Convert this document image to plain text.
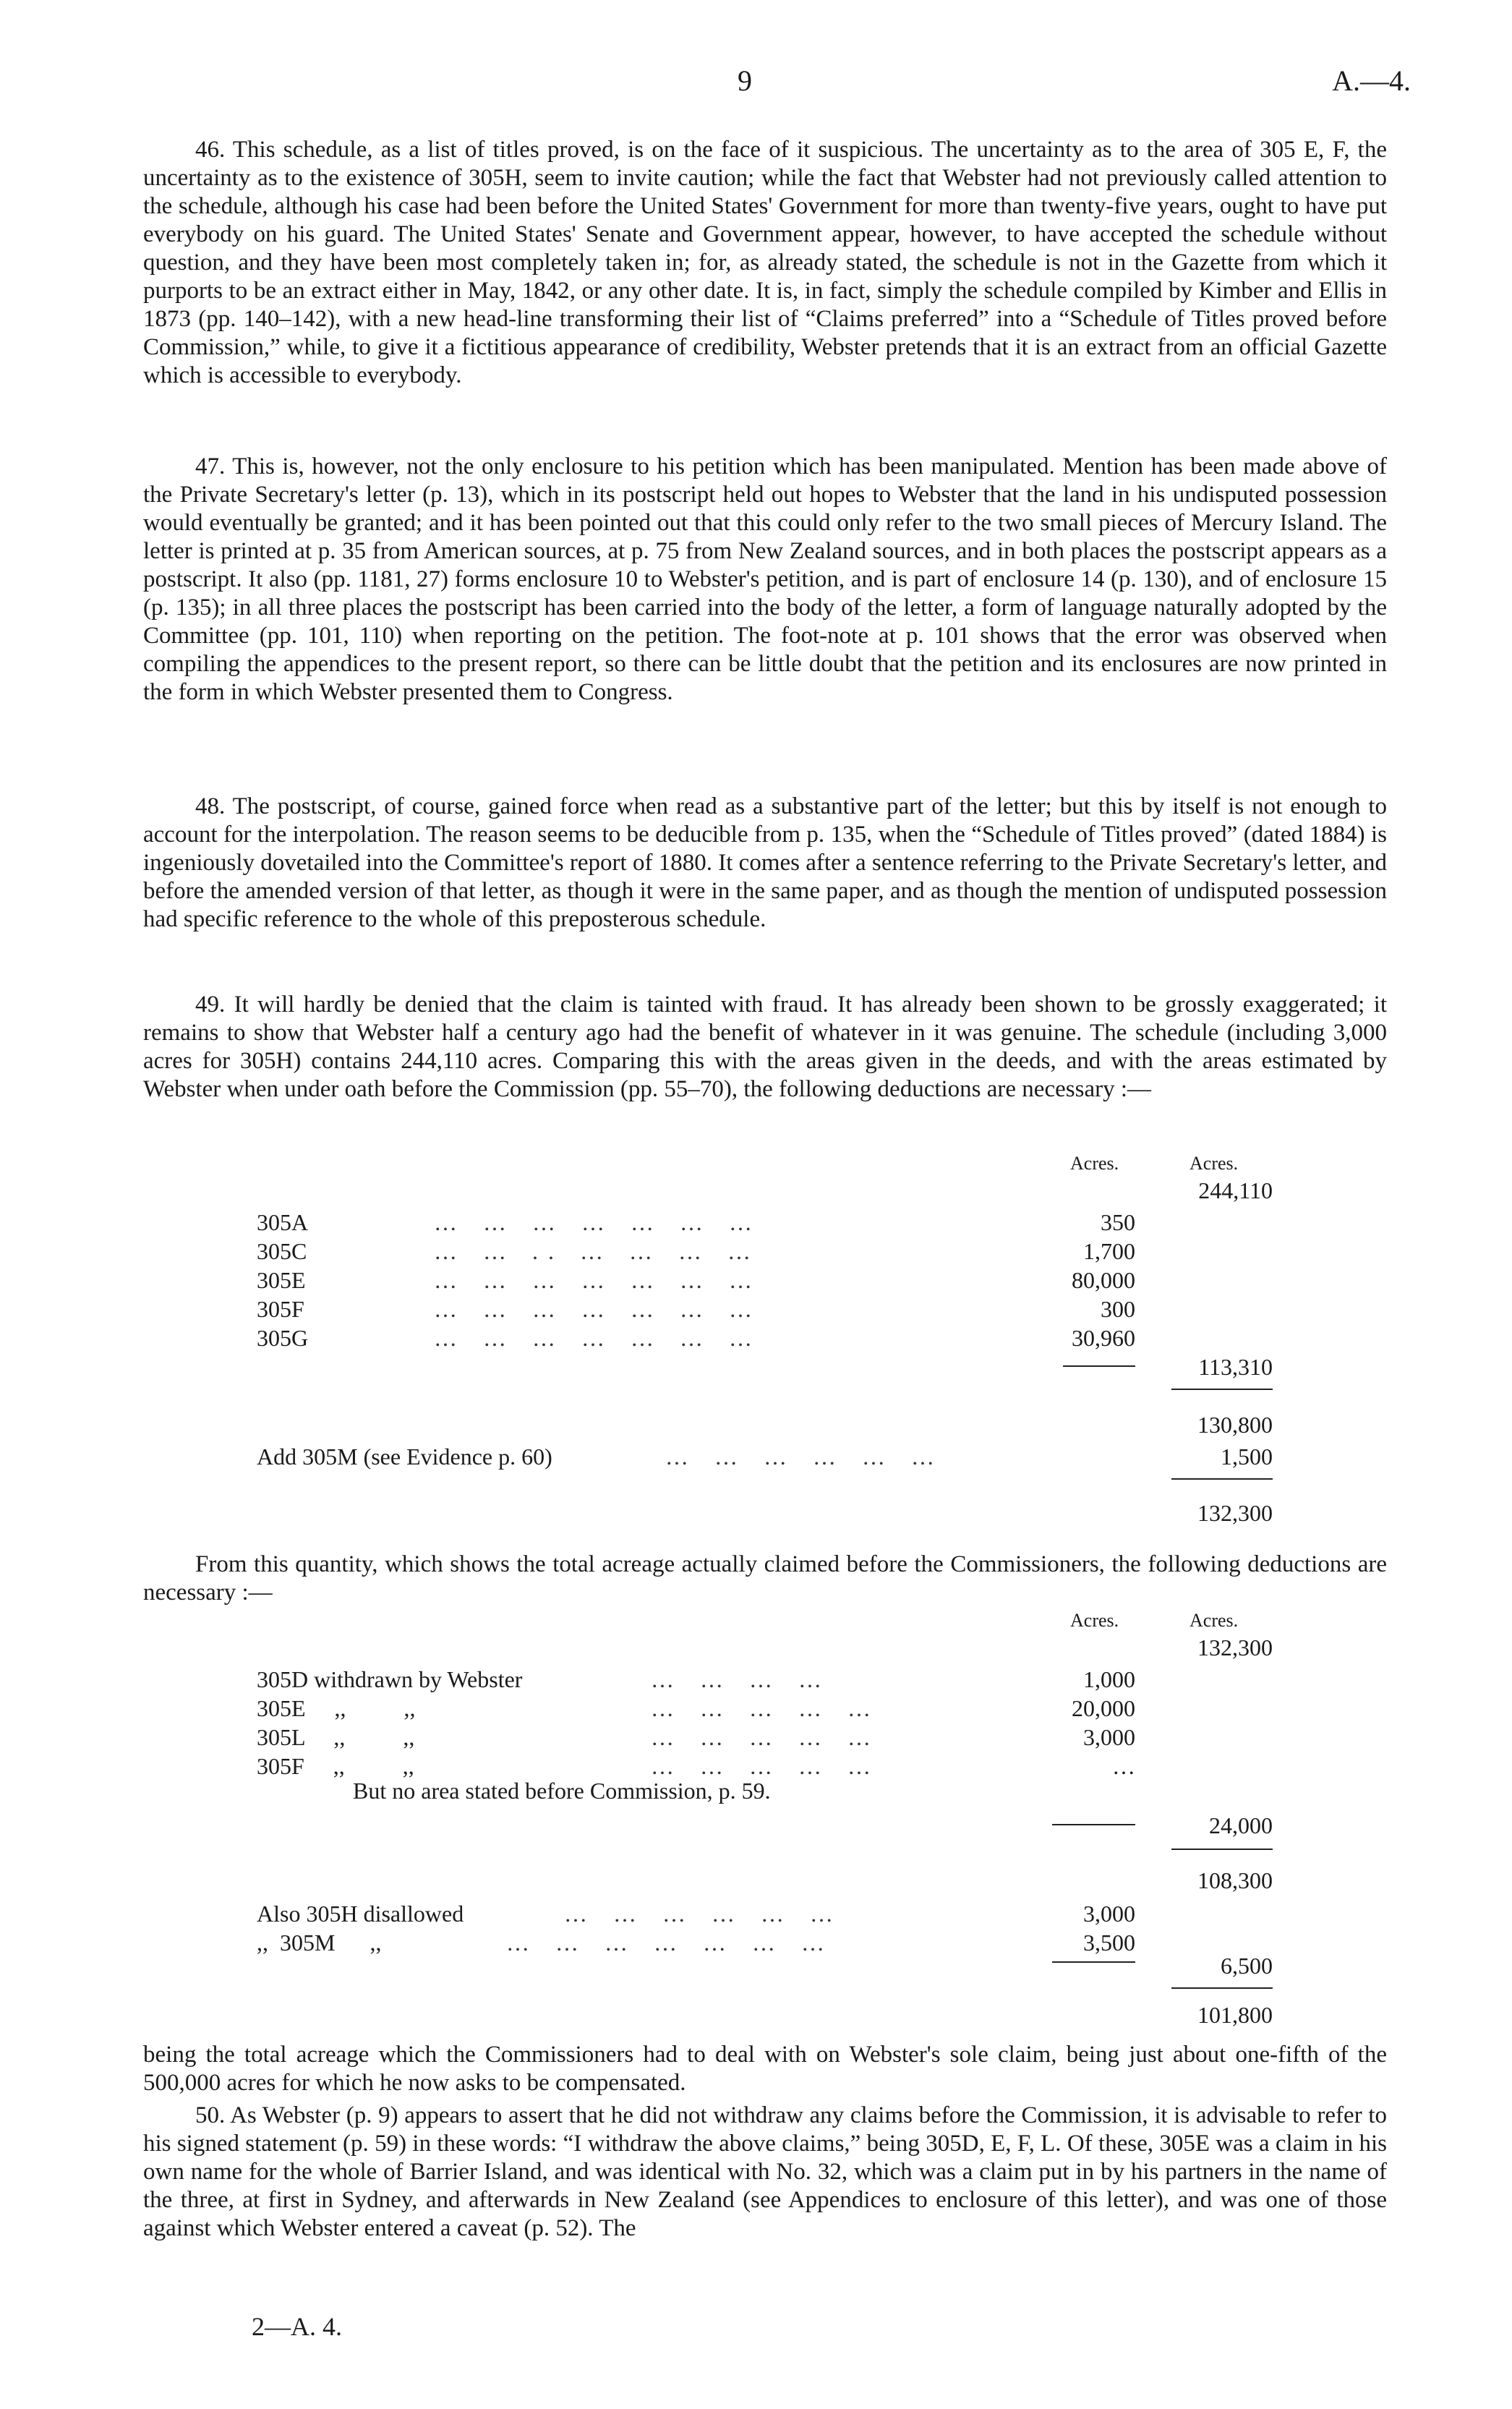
9	A.—4.

46. This schedule, as a list of titles proved, is on the face of it suspicious. The uncertainty as to the area of 305 E, F, the uncertainty as to the existence of 305H, seem to invite caution; while the fact that Webster had not previously called attention to the schedule, although his case had been before the United States' Government for more than twenty-five years, ought to have put everybody on his guard. The United States' Senate and Government appear, however, to have accepted the schedule without question, and they have been most completely taken in; for, as already stated, the schedule is not in the Gazette from which it purports to be an extract either in May, 1842, or any other date. It is, in fact, simply the schedule compiled by Kimber and Ellis in 1873 (pp. 140–142), with a new head-line transforming their list of “Claims preferred” into a “Schedule of Titles proved before Commission,” while, to give it a fictitious appearance of credibility, Webster pretends that it is an extract from an official Gazette which is accessible to everybody.

47. This is, however, not the only enclosure to his petition which has been manipulated. Mention has been made above of the Private Secretary's letter (p. 13), which in its postscript held out hopes to Webster that the land in his undisputed possession would eventually be granted; and it has been pointed out that this could only refer to the two small pieces of Mercury Island. The letter is printed at p. 35 from American sources, at p. 75 from New Zealand sources, and in both places the postscript appears as a postscript. It also (pp. 1181, 27) forms enclosure 10 to Webster's petition, and is part of enclosure 14 (p. 130), and of enclosure 15 (p. 135); in all three places the postscript has been carried into the body of the letter, a form of language naturally adopted by the Committee (pp. 101, 110) when reporting on the petition. The foot-note at p. 101 shows that the error was observed when compiling the appendices to the present report, so there can be little doubt that the petition and its enclosures are now printed in the form in which Webster presented them to Congress.

48. The postscript, of course, gained force when read as a substantive part of the letter; but this by itself is not enough to account for the interpolation. The reason seems to be deducible from p. 135, when the “Schedule of Titles proved” (dated 1884) is ingeniously dovetailed into the Committee's report of 1880. It comes after a sentence referring to the Private Secretary's letter, and before the amended version of that letter, as though it were in the same paper, and as though the mention of undisputed possession had specific reference to the whole of this preposterous schedule.

49. It will hardly be denied that the claim is tainted with fraud. It has already been shown to be grossly exaggerated; it remains to show that Webster half a century ago had the benefit of whatever in it was genuine. The schedule (including 3,000 acres for 305H) contains 244,110 acres. Comparing this with the areas given in the deeds, and with the areas estimated by Webster when under oath before the Commission (pp. 55–70), the following deductions are necessary :—

Acres.	Acres.
244,110
305A	… … … … … … …	350
305C	… … .. … … … …	1,700
305E	… … … … … … …	80,000
305F	… … … … … … …	300
305G	… … … … … … …	30,960
113,310
130,800
Add 305M (see Evidence p. 60)	… … … … … …	1,500
132,300

From this quantity, which shows the total acreage actually claimed before the Commissioners, the following deductions are necessary :—

Acres.	Acres.
132,300
305D withdrawn by Webster	… … … …	1,000
305E     ,,          ,,	… … … … …	20,000
305L     ,,          ,,	… … … … …	3,000
305F     ,,          ,,	… … … … …	…
But no area stated before Commission, p. 59.
24,000
108,300
Also 305H disallowed	… … … … … …	3,000
,,  305M      ,,	… … … … … … …	3,500
6,500
101,800

being the total acreage which the Commissioners had to deal with on Webster's sole claim, being just about one-fifth of the 500,000 acres for which he now asks to be compensated.

50. As Webster (p. 9) appears to assert that he did not withdraw any claims before the Commission, it is advisable to refer to his signed statement (p. 59) in these words: “I withdraw the above claims,” being 305D, E, F, L. Of these, 305E was a claim in his own name for the whole of Barrier Island, and was identical with No. 32, which was a claim put in by his partners in the name of the three, at first in Sydney, and afterwards in New Zealand (see Appendices to enclosure of this letter), and was one of those against which Webster entered a caveat (p. 52). The

2—A. 4.
